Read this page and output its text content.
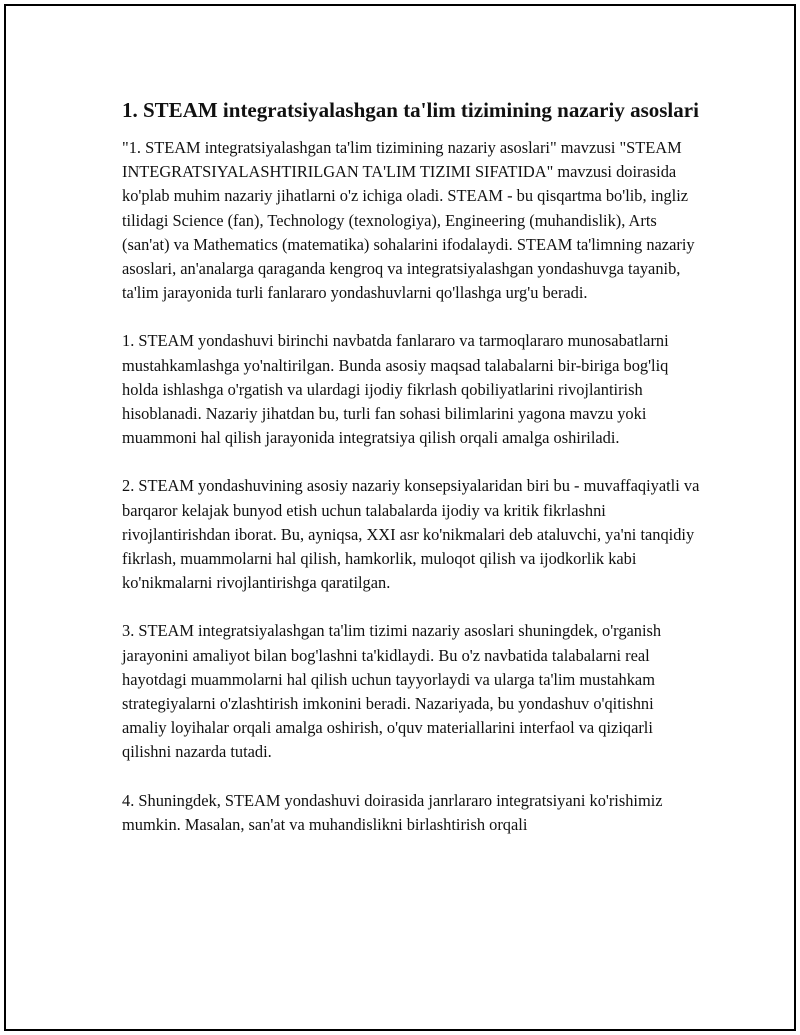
1. STEAM integratsiyalashgan ta'lim tizimining nazariy asoslari

"1. STEAM integratsiyalashgan ta'lim tizimining nazariy asoslari" mavzusi "STEAM INTEGRATSIYALASHTIRILGAN TA'LIM TIZIMI SIFATIDA" mavzusi doirasida ko'plab muhim nazariy jihatlarni o'z ichiga oladi. STEAM - bu qisqartma bo'lib, ingliz tilidagi Science (fan), Technology (texnologiya), Engineering (muhandislik), Arts (san'at) va Mathematics (matematika) sohalarini ifodalaydi. STEAM ta'limning nazariy asoslari, an'analarga qaraganda kengroq va integratsiyalashgan yondashuvga tayanib, ta'lim jarayonida turli fanlararo yondashuvlarni qo'llashga urg'u beradi.

1. STEAM yondashuvi birinchi navbatda fanlararo va tarmoqlararo munosabatlarni mustahkamlashga yo'naltirilgan. Bunda asosiy maqsad talabalarni bir-biriga bog'liq holda ishlashga o'rgatish va ulardagi ijodiy fikrlash qobiliyatlarini rivojlantirish hisoblanadi. Nazariy jihatdan bu, turli fan sohasi bilimlarini yagona mavzu yoki muammoni hal qilish jarayonida integratsiya qilish orqali amalga oshiriladi.

2. STEAM yondashuvining asosiy nazariy konsepsiyalaridan biri bu - muvaffaqiyatli va barqaror kelajak bunyod etish uchun talabalarda ijodiy va kritik fikrlashni rivojlantirishdan iborat. Bu, ayniqsa, XXI asr ko'nikmalari deb ataluvchi, ya'ni tanqidiy fikrlash, muammolarni hal qilish, hamkorlik, muloqot qilish va ijodkorlik kabi ko'nikmalarni rivojlantirishga qaratilgan.

3. STEAM integratsiyalashgan ta'lim tizimi nazariy asoslari shuningdek, o'rganish jarayonini amaliyot bilan bog'lashni ta'kidlaydi. Bu o'z navbatida talabalarni real hayotdagi muammolarni hal qilish uchun tayyorlaydi va ularga ta'lim mustahkam strategiyalarni o'zlashtirish imkonini beradi. Nazariyada, bu yondashuv o'qitishni amaliy loyihalar orqali amalga oshirish, o'quv materiallarini interfaol va qiziqarli qilishni nazarda tutadi.

4. Shuningdek, STEAM yondashuvi doirasida janrlararo integratsiyani ko'rishimiz mumkin. Masalan, san'at va muhandislikni birlashtirish orqali
